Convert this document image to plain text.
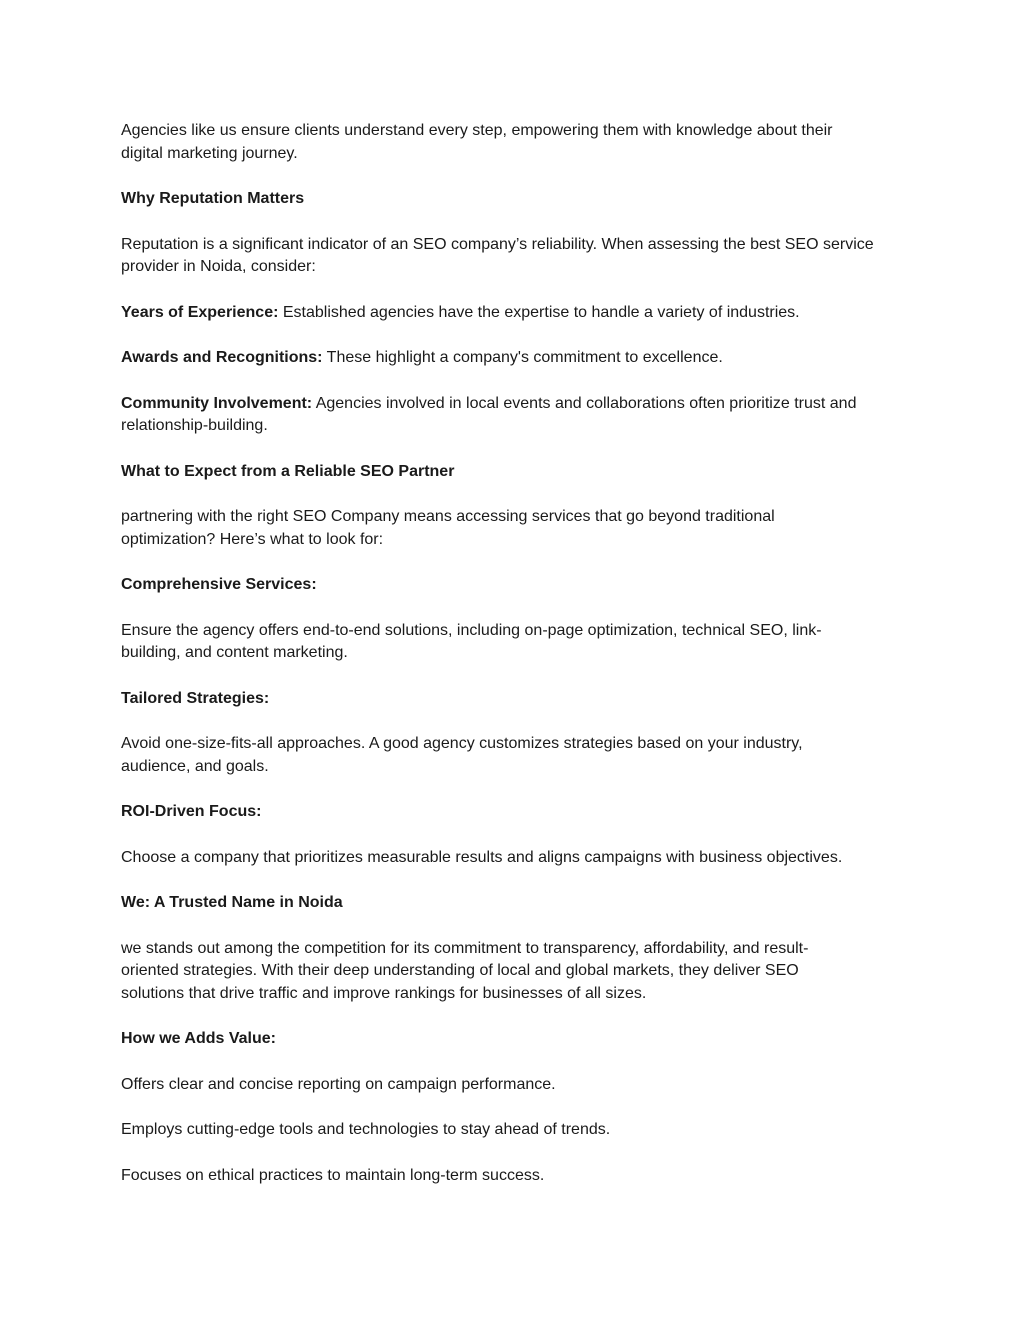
Agencies like us ensure clients understand every step, empowering them with knowledge about their
digital marketing journey.
Why Reputation Matters
Reputation is a significant indicator of an SEO company’s reliability. When assessing the best SEO service
provider in Noida, consider:
Years of Experience: Established agencies have the expertise to handle a variety of industries.
Awards and Recognitions: These highlight a company's commitment to excellence.
Community Involvement: Agencies involved in local events and collaborations often prioritize trust and
relationship-building.
What to Expect from a Reliable SEO Partner
partnering with the right SEO Company means accessing services that go beyond traditional
optimization? Here’s what to look for:
Comprehensive Services:
Ensure the agency offers end-to-end solutions, including on-page optimization, technical SEO, link-
building, and content marketing.
Tailored Strategies:
Avoid one-size-fits-all approaches. A good agency customizes strategies based on your industry,
audience, and goals.
ROI-Driven Focus:
Choose a company that prioritizes measurable results and aligns campaigns with business objectives.
We: A Trusted Name in Noida
we stands out among the competition for its commitment to transparency, affordability, and result-
oriented strategies. With their deep understanding of local and global markets, they deliver SEO
solutions that drive traffic and improve rankings for businesses of all sizes.
How we Adds Value:
Offers clear and concise reporting on campaign performance.
Employs cutting-edge tools and technologies to stay ahead of trends.
Focuses on ethical practices to maintain long-term success.
